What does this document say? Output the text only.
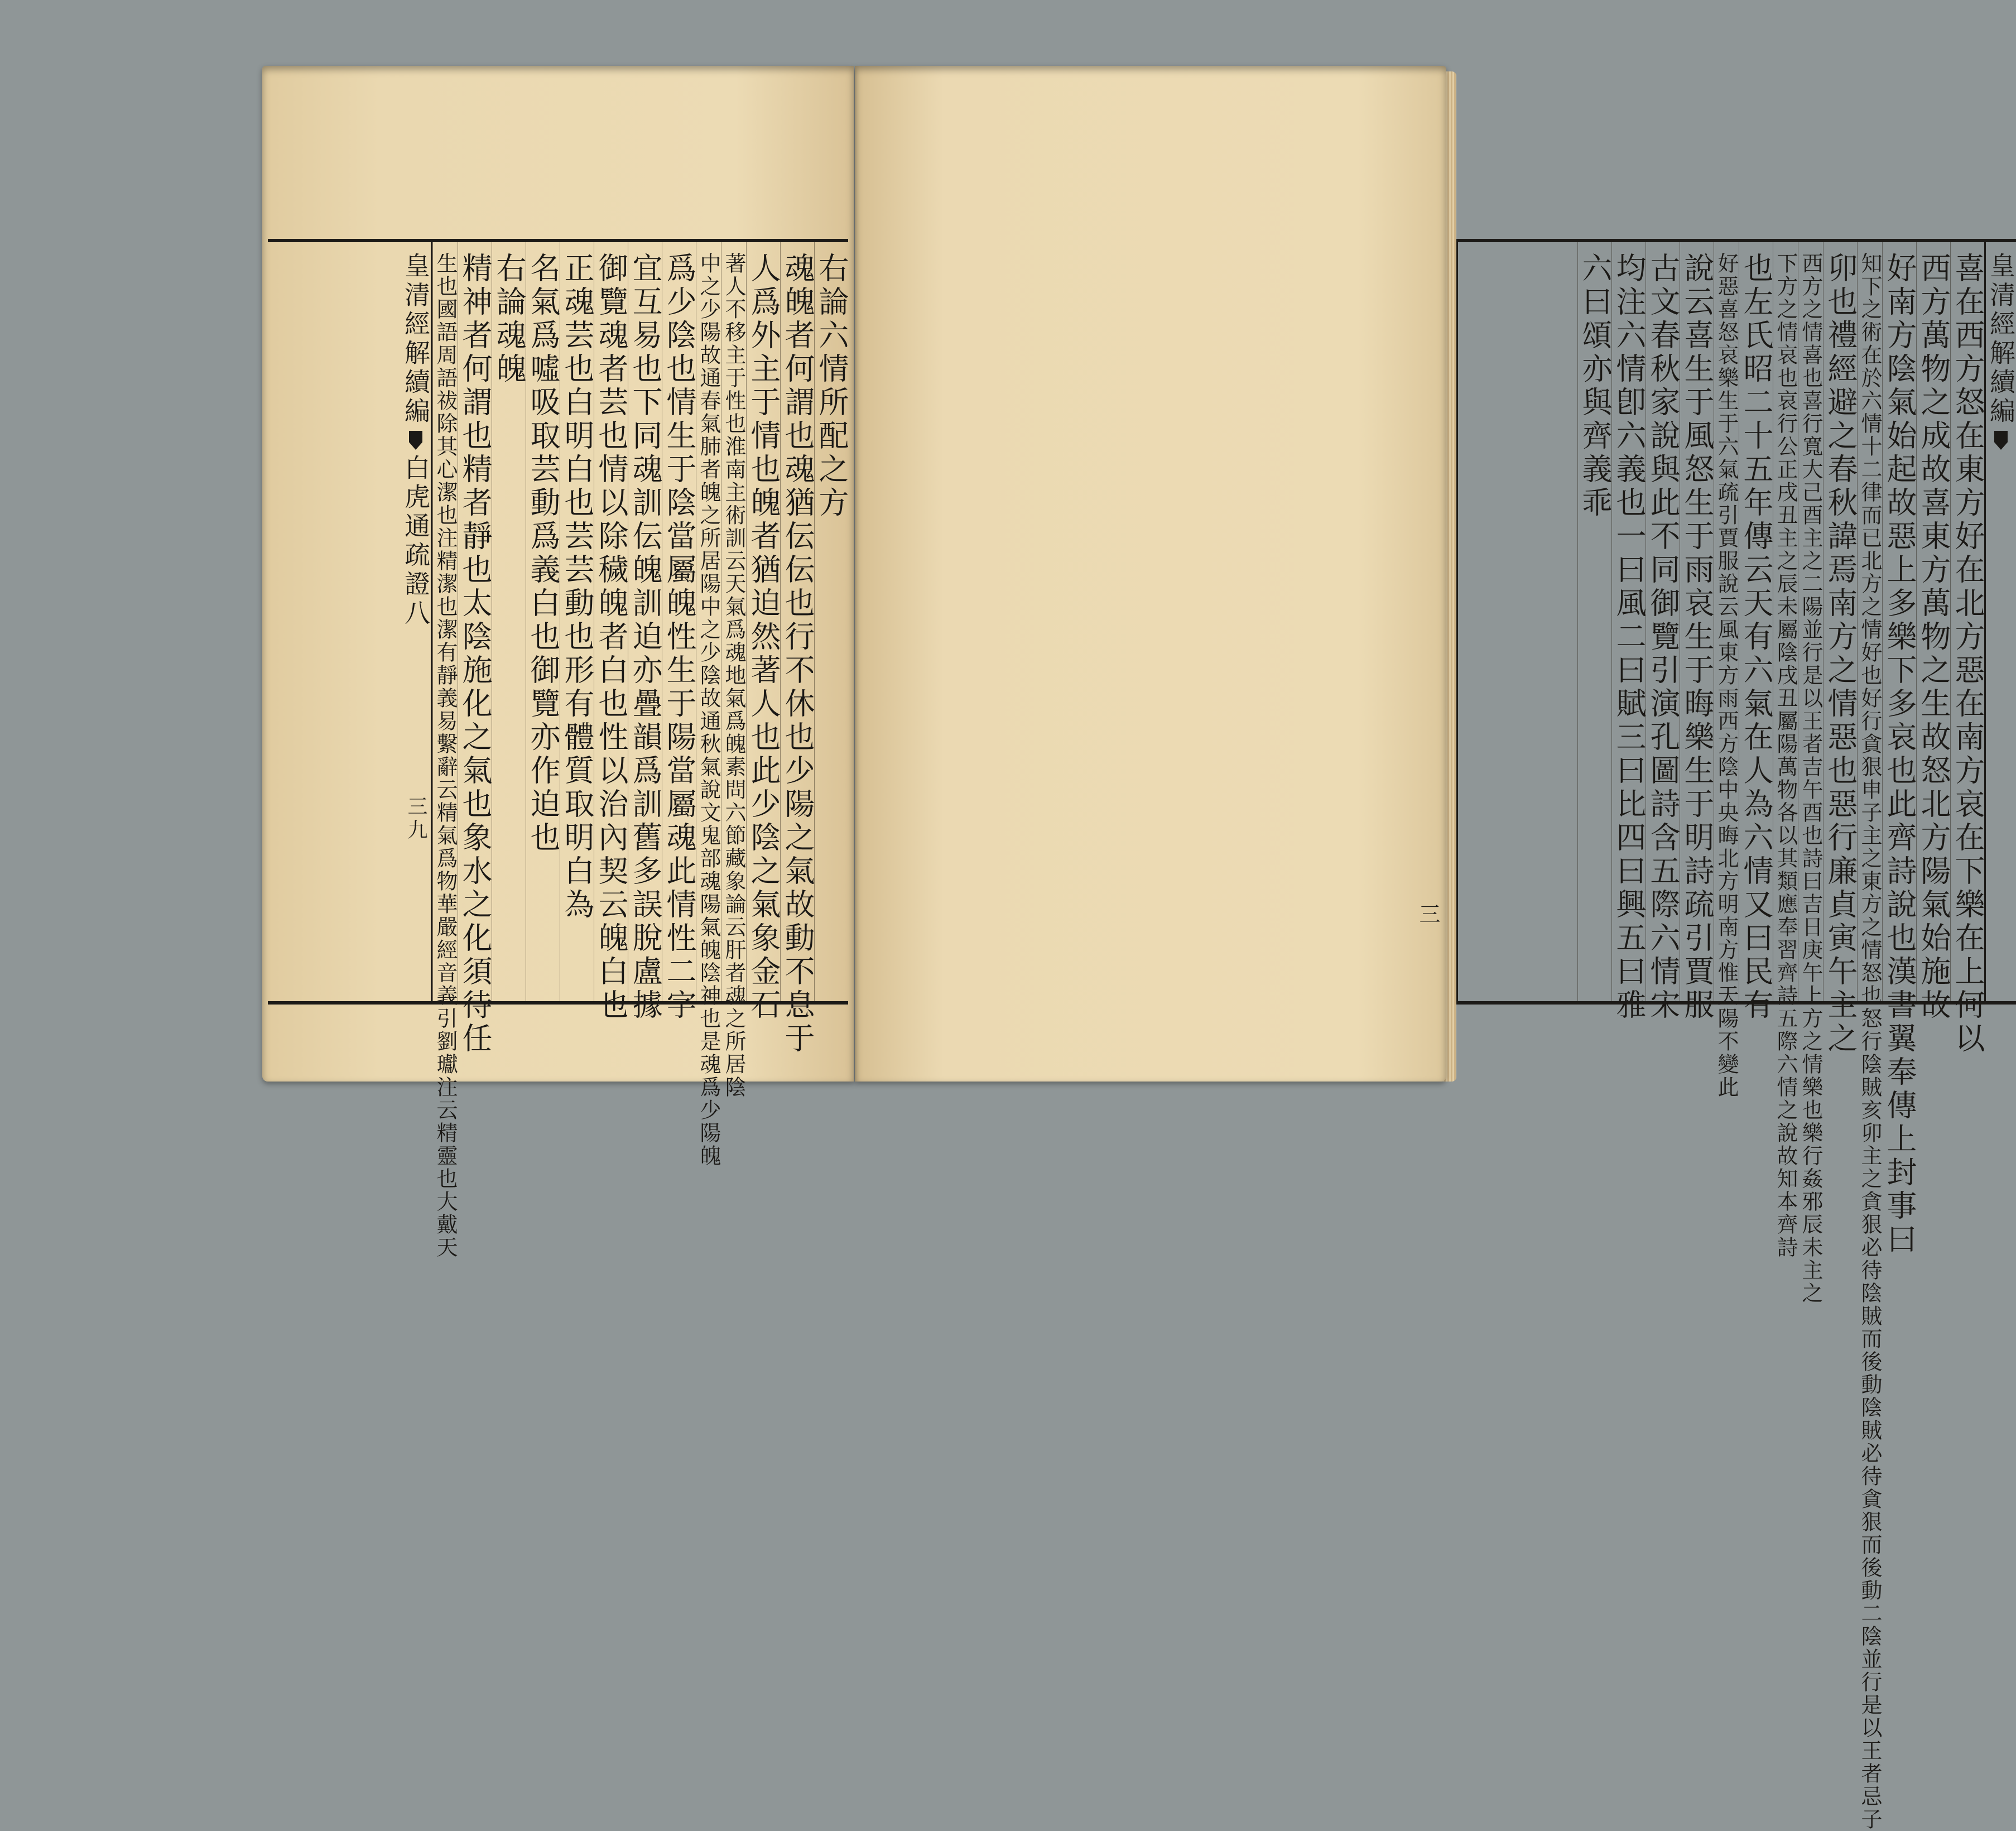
皇清經解續編
喜在西方怒在東方好在北方惡在南方哀在下樂在上何以
西方萬物之成故喜東方萬物之生故怒北方陽氣始施故
好南方陰氣始起故惡上多樂下多哀也此齊詩說也漢書翼奉傳上封事曰
知下之術在於六情十二律而已北方之情好也好行貪狠申子主之東方之情怒也怒行陰賊亥卯主之貪狠必待陰賊而後動陰賊必待貪狠而後動二陰並行是以王者忌子
卯也禮經避之春秋諱焉南方之情惡也惡行廉貞寅午主之
西方之情喜也喜行寬大己酉主之二陽並行是以王者吉午酉也詩曰吉日庚午上方之情樂也樂行姦邪辰未主之
下方之情哀也哀行公正戌丑主之辰未屬陰戌丑屬陽萬物各以其類應奉習齊詩五際六情之說故知本齊詩
也左氏昭二十五年傳云天有六氣在人為六情又曰民有
好惡喜怒哀樂生于六氣疏引賈服說云風東方雨西方陰中央晦北方明南方惟天陽不變此
說云喜生于風怒生于雨哀生于晦樂生于明詩疏引賈服
古文春秋家說與此不同御覽引演孔圖詩含五際六情宋
均注六情卽六義也一曰風二曰賦三曰比四曰興五曰雅
六曰頌亦與齊義乖
三
右論六情所配之方
魂魄者何謂也魂猶伝伝也行不休也少陽之氣故動不息于
人爲外主于情也魄者猶迫然著人也此少陰之氣象金石
著人不移主于性也淮南主術訓云天氣爲魂地氣爲魄素問六節藏象論云肝者魂之所居陰
中之少陽故通春氣肺者魄之所居陽中之少陰故通秋氣說文鬼部魂陽氣魄陰神也是魂爲少陽魄
爲少陰也情生于陰當屬魄性生于陽當屬魂此情性二字
宜互易也下同魂訓伝魄訓迫亦疊韻爲訓舊多誤脫盧據
御覽魂者芸也情以除穢魄者白也性以治內契云魄白也
正魂芸也白明白也芸芸動也形有體質取明白為
名氣爲噓吸取芸動爲義白也御覽亦作迫也
右論魂魄
精神者何謂也精者靜也太陰施化之氣也象水之化須待任
生也國語周語祓除其心潔也注精潔也潔有靜義易繫辭云精氣爲物華嚴經音義引劉瓛注云精靈也大戴天
皇清經解續編白虎通疏證八三九
